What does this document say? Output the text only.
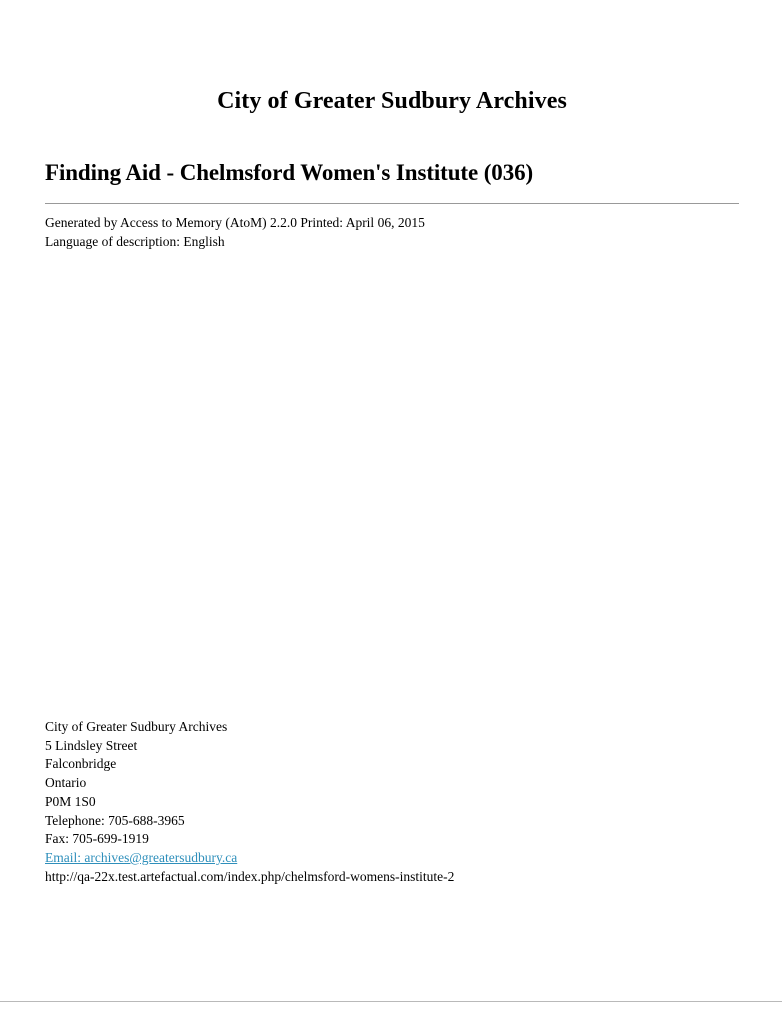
City of Greater Sudbury Archives
Finding Aid - Chelmsford Women's Institute (036)
Generated by Access to Memory (AtoM) 2.2.0 Printed: April 06, 2015
Language of description: English
City of Greater Sudbury Archives
5 Lindsley Street
Falconbridge
Ontario
P0M 1S0
Telephone: 705-688-3965
Fax: 705-699-1919
Email: archives@greatersudbury.ca
http://qa-22x.test.artefactual.com/index.php/chelmsford-womens-institute-2
